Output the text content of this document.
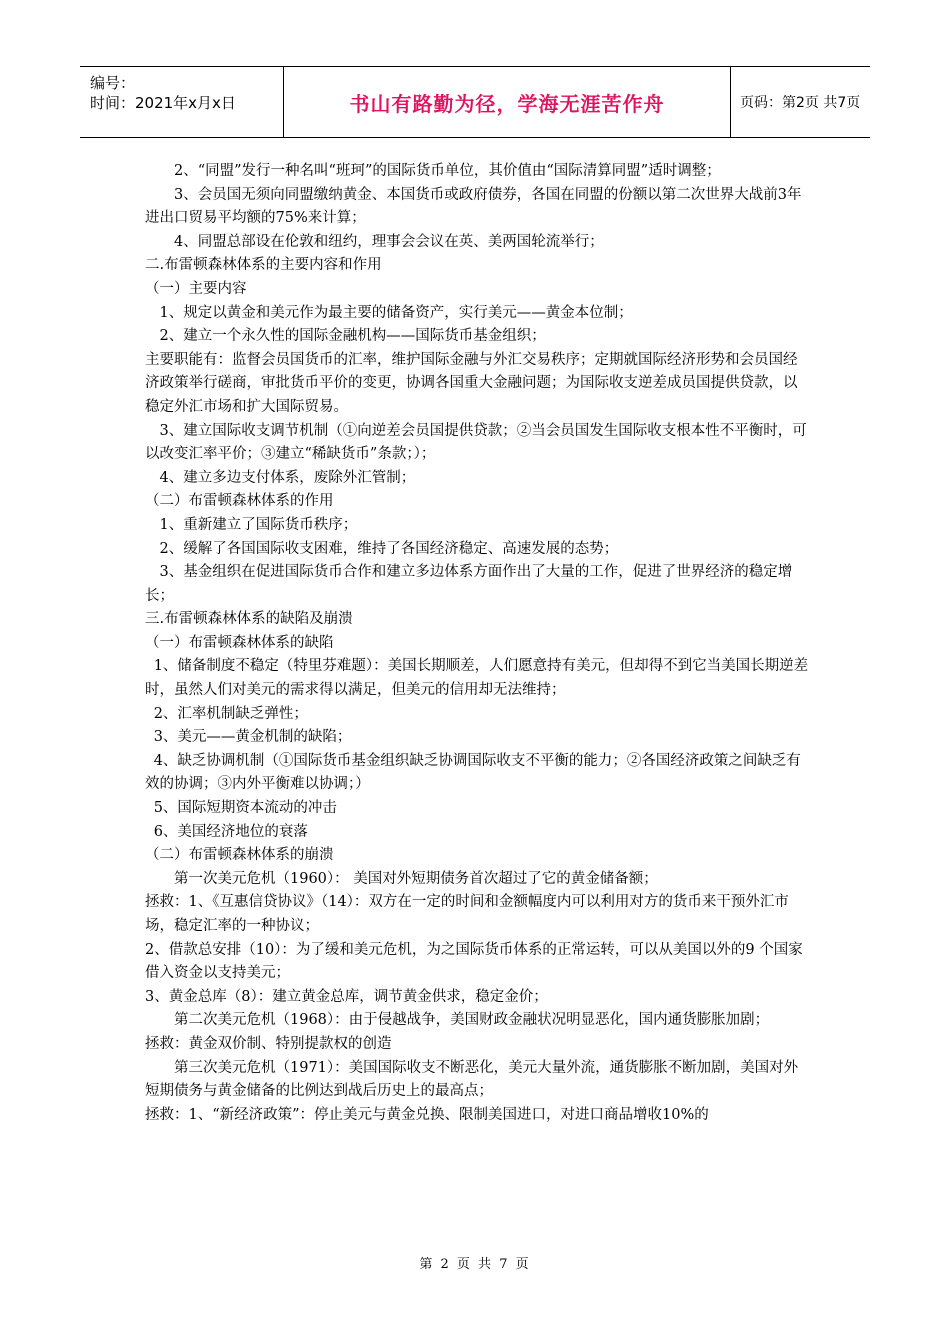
编号：
时间：2021年x月x日	书山有路勤为径，学海无涯苦作舟	页码：第2页 共7页

2、“同盟”发行一种名叫“班珂”的国际货币单位，其价值由“国际清算同盟”适时调整；

3、会员国无须向同盟缴纳黄金、本国货币或政府债券，各国在同盟的份额以第二次世界大战前3年进出口贸易平均额的75%来计算；

4、同盟总部设在伦敦和纽约，理事会会议在英、美两国轮流举行；

二.布雷顿森林体系的主要内容和作用

（一）主要内容

1、规定以黄金和美元作为最主要的储备资产，实行美元——黄金本位制；

2、建立一个永久性的国际金融机构——国际货币基金组织；

主要职能有：监督会员国货币的汇率，维护国际金融与外汇交易秩序；定期就国际经济形势和会员国经济政策举行磋商，审批货币平价的变更，协调各国重大金融问题；为国际收支逆差成员国提供贷款，以稳定外汇市场和扩大国际贸易。

3、建立国际收支调节机制（①向逆差会员国提供贷款；②当会员国发生国际收支根本性不平衡时，可以改变汇率平价；③建立“稀缺货币”条款；）；

4、建立多边支付体系，废除外汇管制；

（二）布雷顿森林体系的作用

1、重新建立了国际货币秩序；

2、缓解了各国国际收支困难，维持了各国经济稳定、高速发展的态势；

3、基金组织在促进国际货币合作和建立多边体系方面作出了大量的工作，促进了世界经济的稳定增长；

三.布雷顿森林体系的缺陷及崩溃

（一）布雷顿森林体系的缺陷

1、储备制度不稳定（特里芬难题）：美国长期顺差，人们愿意持有美元，但却得不到它当美国长期逆差时，虽然人们对美元的需求得以满足，但美元的信用却无法维持；

2、汇率机制缺乏弹性；

3、美元——黄金机制的缺陷；

4、缺乏协调机制（①国际货币基金组织缺乏协调国际收支不平衡的能力；②各国经济政策之间缺乏有效的协调；③内外平衡难以协调；）

5、国际短期资本流动的冲击

6、美国经济地位的衰落

（二）布雷顿森林体系的崩溃

第一次美元危机（1960）： 美国对外短期债务首次超过了它的黄金储备额；

拯救：1、《互惠信贷协议》（14）：双方在一定的时间和金额幅度内可以利用对方的货币来干预外汇市场，稳定汇率的一种协议；

2、借款总安排（10）：为了缓和美元危机，为之国际货币体系的正常运转，可以从美国以外的9 个国家借入资金以支持美元；

3、黄金总库（8）：建立黄金总库，调节黄金供求，稳定金价；

第二次美元危机（1968）：由于侵越战争，美国财政金融状况明显恶化，国内通货膨胀加剧；

拯救：黄金双价制、特别提款权的创造

第三次美元危机（1971）：美国国际收支不断恶化，美元大量外流，通货膨胀不断加剧，美国对外短期债务与黄金储备的比例达到战后历史上的最高点；

拯救：1、“新经济政策”：停止美元与黄金兑换、限制美国进口，对进口商品增收10%的

第 2 页 共 7 页
